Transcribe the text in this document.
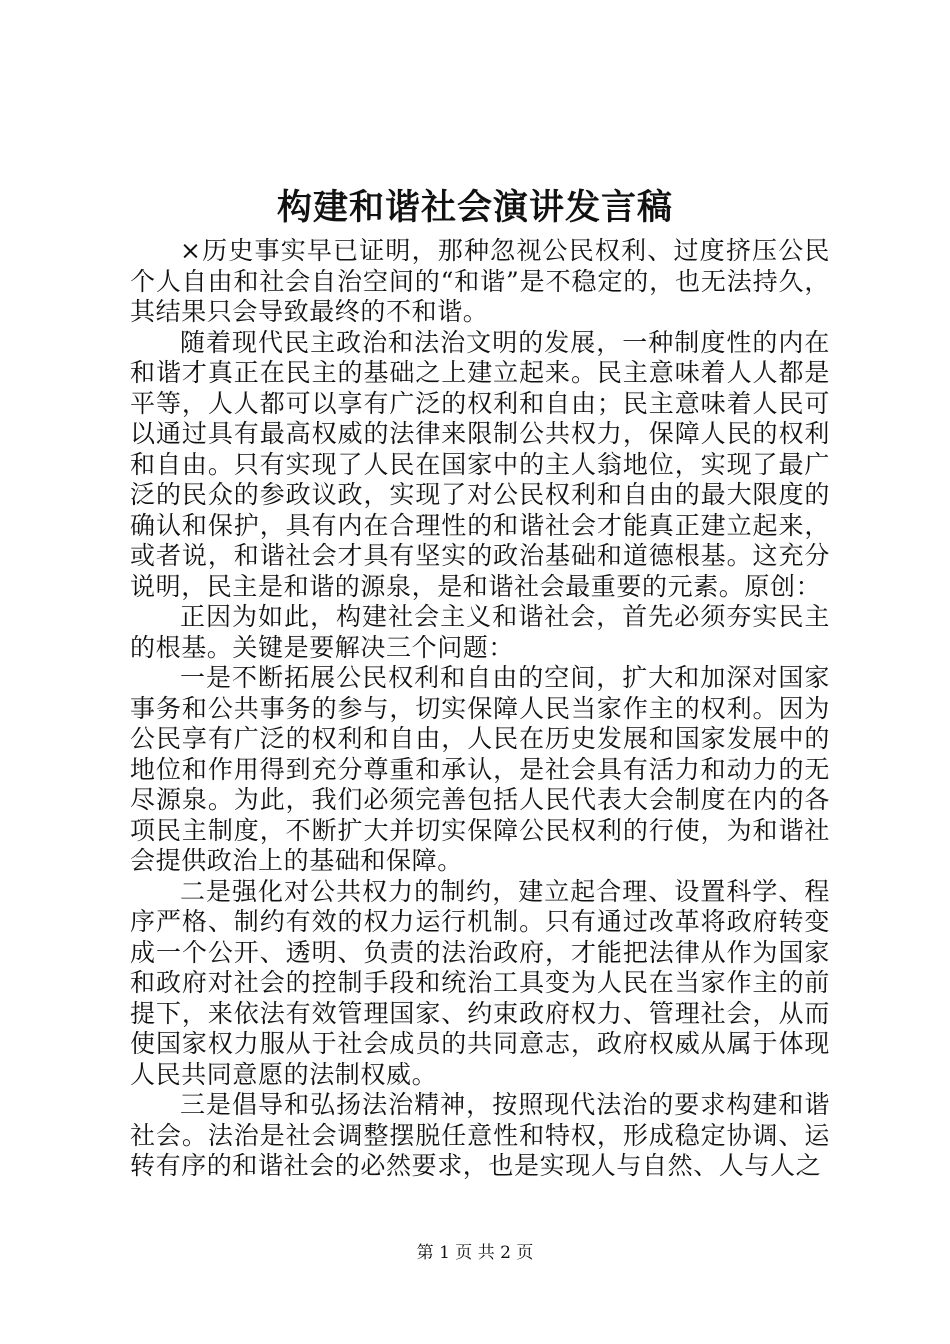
构建和谐社会演讲发言稿

×历史事实早已证明，那种忽视公民权利、过度挤压公民个人自由和社会自治空间的“和谐”是不稳定的，也无法持久，其结果只会导致最终的不和谐。

随着现代民主政治和法治文明的发展，一种制度性的内在和谐才真正在民主的基础之上建立起来。民主意味着人人都是平等，人人都可以享有广泛的权利和自由；民主意味着人民可以通过具有最高权威的法律来限制公共权力，保障人民的权利和自由。只有实现了人民在国家中的主人翁地位，实现了最广泛的民众的参政议政，实现了对公民权利和自由的最大限度的确认和保护，具有内在合理性的和谐社会才能真正建立起来，或者说，和谐社会才具有坚实的政治基础和道德根基。这充分说明，民主是和谐的源泉，是和谐社会最重要的元素。原创：

正因为如此，构建社会主义和谐社会，首先必须夯实民主的根基。关键是要解决三个问题：

一是不断拓展公民权利和自由的空间，扩大和加深对国家事务和公共事务的参与，切实保障人民当家作主的权利。因为公民享有广泛的权利和自由，人民在历史发展和国家发展中的地位和作用得到充分尊重和承认，是社会具有活力和动力的无尽源泉。为此，我们必须完善包括人民代表大会制度在内的各项民主制度，不断扩大并切实保障公民权利的行使，为和谐社会提供政治上的基础和保障。

二是强化对公共权力的制约，建立起合理、设置科学、程序严格、制约有效的权力运行机制。只有通过改革将政府转变成一个公开、透明、负责的法治政府，才能把法律从作为国家和政府对社会的控制手段和统治工具变为人民在当家作主的前提下，来依法有效管理国家、约束政府权力、管理社会，从而使国家权力服从于社会成员的共同意志，政府权威从属于体现人民共同意愿的法制权威。

三是倡导和弘扬法治精神，按照现代法治的要求构建和谐社会。法治是社会调整摆脱任意性和特权，形成稳定协调、运转有序的和谐社会的必然要求，也是实现人与自然、人与人之

第 1 页 共 2 页
